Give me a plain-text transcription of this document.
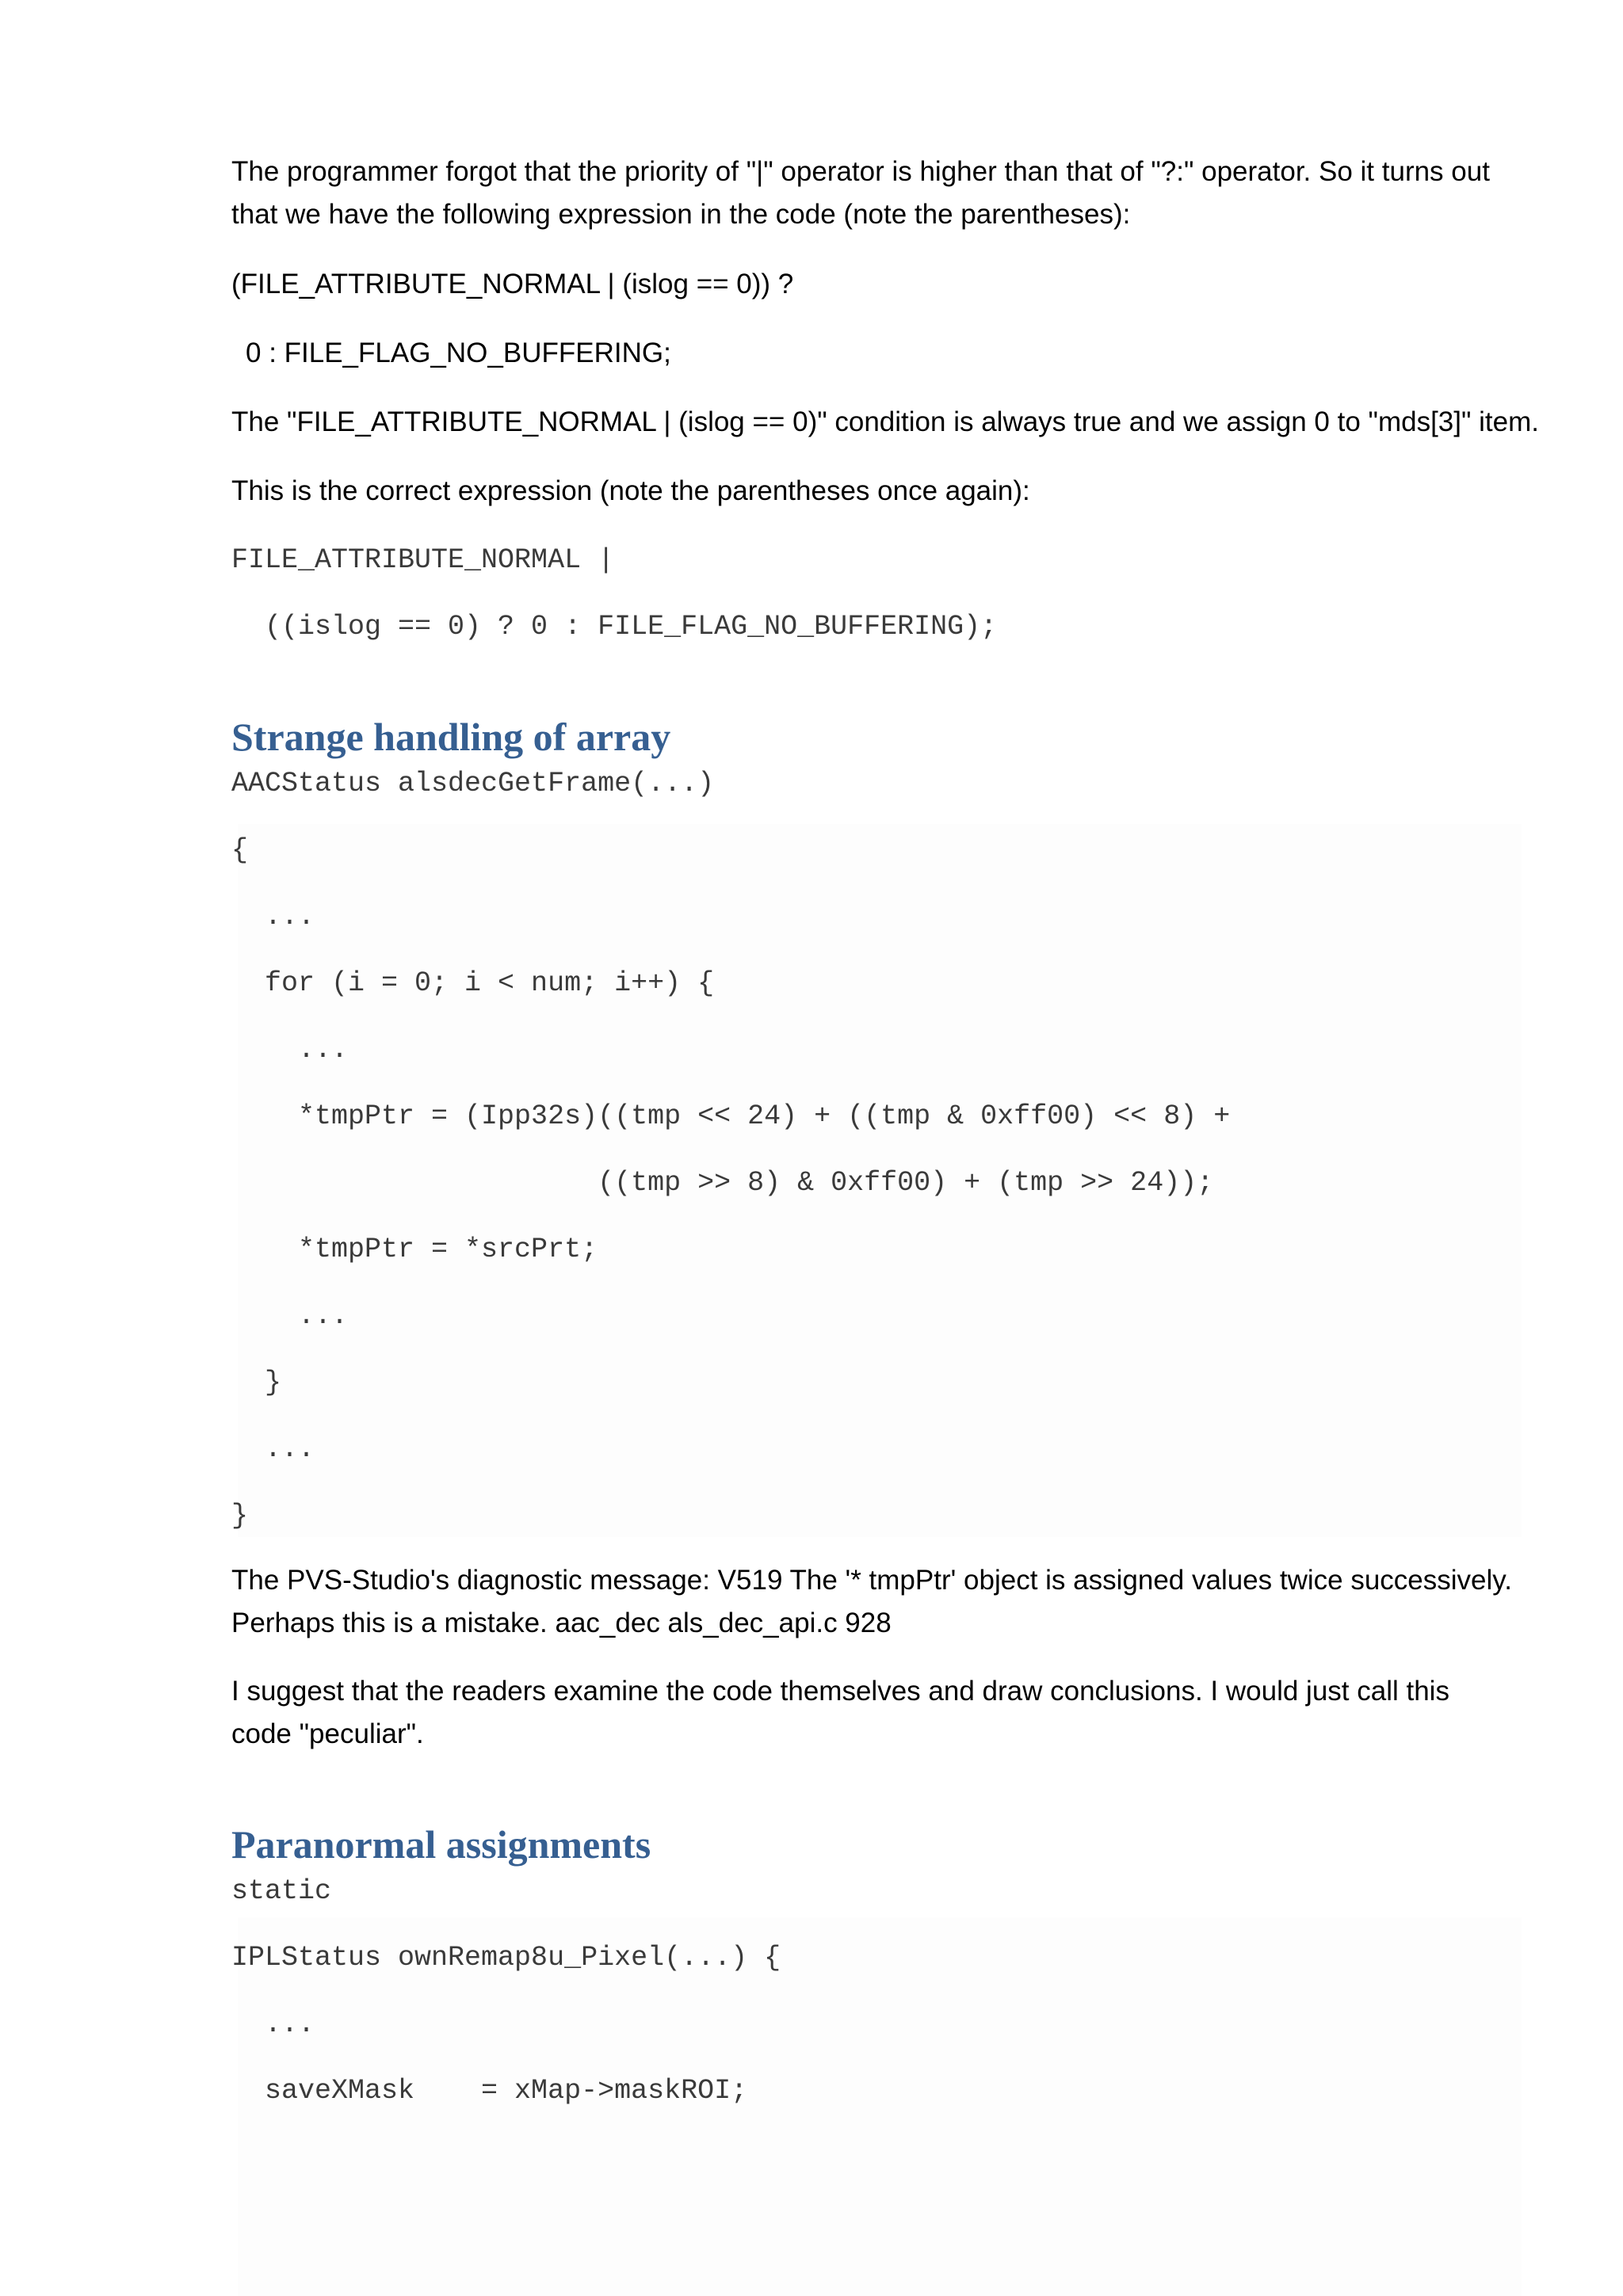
The programmer forgot that the priority of "|" operator is higher than that of "?:" operator. So it turns out that we have the following expression in the code (note the parentheses):
(FILE_ATTRIBUTE_NORMAL | (islog == 0)) ?
0 : FILE_FLAG_NO_BUFFERING;
The "FILE_ATTRIBUTE_NORMAL | (islog == 0)" condition is always true and we assign 0 to "mds[3]" item.
This is the correct expression (note the parentheses once again):
FILE_ATTRIBUTE_NORMAL |
((islog == 0) ? 0 : FILE_FLAG_NO_BUFFERING);
Strange handling of array
AACStatus alsdecGetFrame(...)
{
...
for (i = 0; i < num; i++) {
...
*tmpPtr = (Ipp32s)((tmp << 24) + ((tmp & 0xff00) << 8) +
((tmp >> 8) & 0xff00) + (tmp >> 24));
*tmpPtr = *srcPrt;
...
}
...
}
The PVS-Studio's diagnostic message: V519 The '* tmpPtr' object is assigned values twice successively. Perhaps this is a mistake. aac_dec als_dec_api.c 928
I suggest that the readers examine the code themselves and draw conclusions. I would just call this code "peculiar".
Paranormal assignments
static
IPLStatus ownRemap8u_Pixel(...) {
...
saveXMask    = xMap->maskROI;
